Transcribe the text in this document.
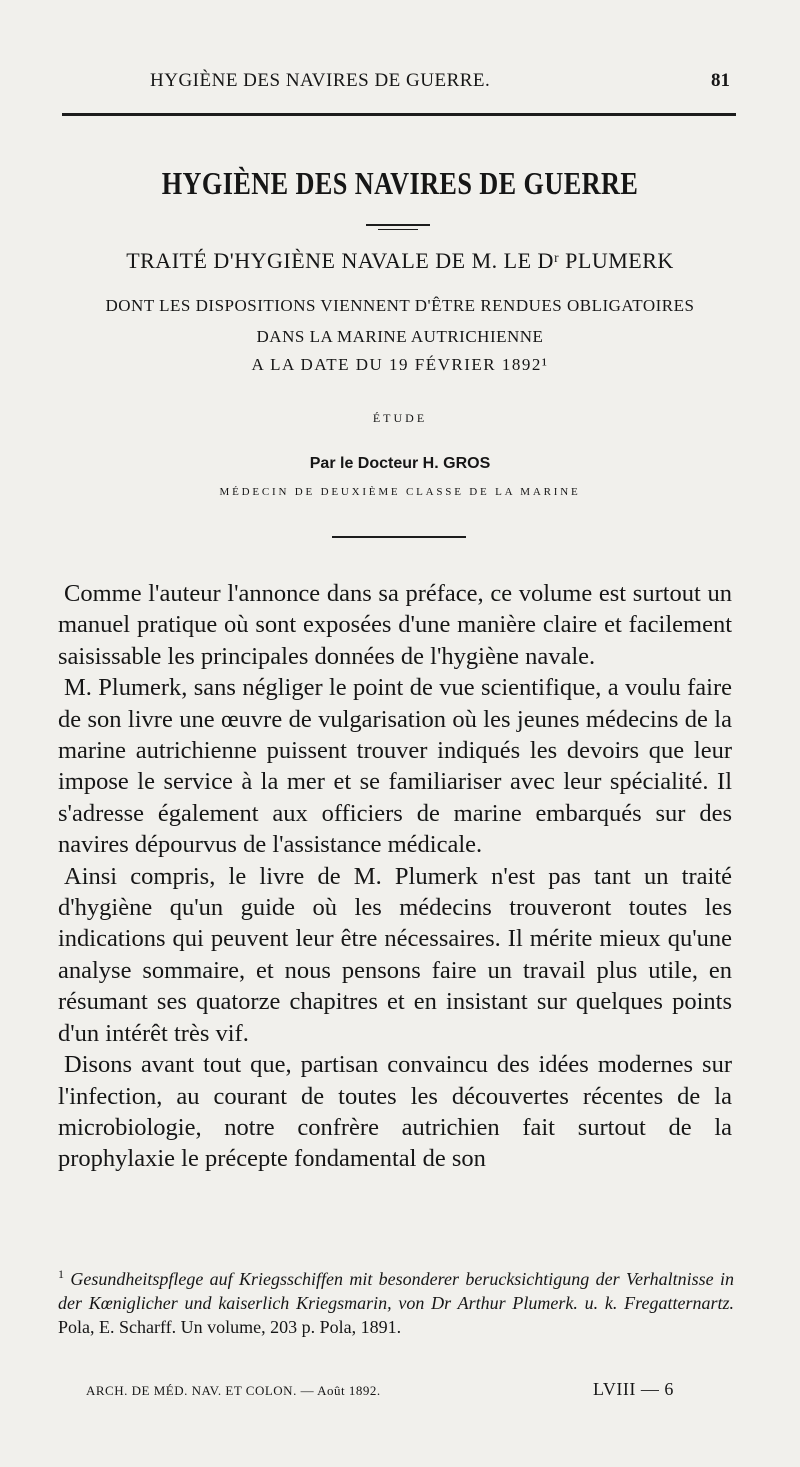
HYGIÈNE DES NAVIRES DE GUERRE.	81
HYGIÈNE DES NAVIRES DE GUERRE
TRAITÉ D'HYGIÈNE NAVALE DE M. LE Dʳ PLUMERK
DONT LES DISPOSITIONS VIENNENT D'ÊTRE RENDUES OBLIGATOIRES
DANS LA MARINE AUTRICHIENNE
A LA DATE DU 19 FÉVRIER 1892¹
ÉTUDE
Par le Docteur H. GROS
MÉDECIN DE DEUXIÈME CLASSE DE LA MARINE

Comme l'auteur l'annonce dans sa préface, ce volume est surtout un manuel pratique où sont exposées d'une manière claire et facilement saisissable les principales données de l'hygiène navale.

M. Plumerk, sans négliger le point de vue scientifique, a voulu faire de son livre une œuvre de vulgarisation où les jeunes médecins de la marine autrichienne puissent trouver indiqués les devoirs que leur impose le service à la mer et se familiariser avec leur spécialité. Il s'adresse également aux officiers de marine embarqués sur des navires dépourvus de l'assistance médicale.

Ainsi compris, le livre de M. Plumerk n'est pas tant un traité d'hygiène qu'un guide où les médecins trouveront toutes les indications qui peuvent leur être nécessaires. Il mérite mieux qu'une analyse sommaire, et nous pensons faire un travail plus utile, en résumant ses quatorze chapitres et en insistant sur quelques points d'un intérêt très vif.

Disons avant tout que, partisan convaincu des idées modernes sur l'infection, au courant de toutes les découvertes récentes de la microbiologie, notre confrère autrichien fait surtout de la prophylaxie le précepte fondamental de son

$^1$ Gesundheitspflege auf Kriegsschiffen mit besonderer berucksichtigung der Verhaltnisse in der Kœniglicher und kaiserlich Kriegsmarin, von Dr Arthur Plumerk. u. k. Fregatternartz. Pola, E. Scharff. Un volume, 203 p. Pola, 1891.
ARCH. DE MÉD. NAV. ET COLON. — Août 1892.	LVIII — 6
